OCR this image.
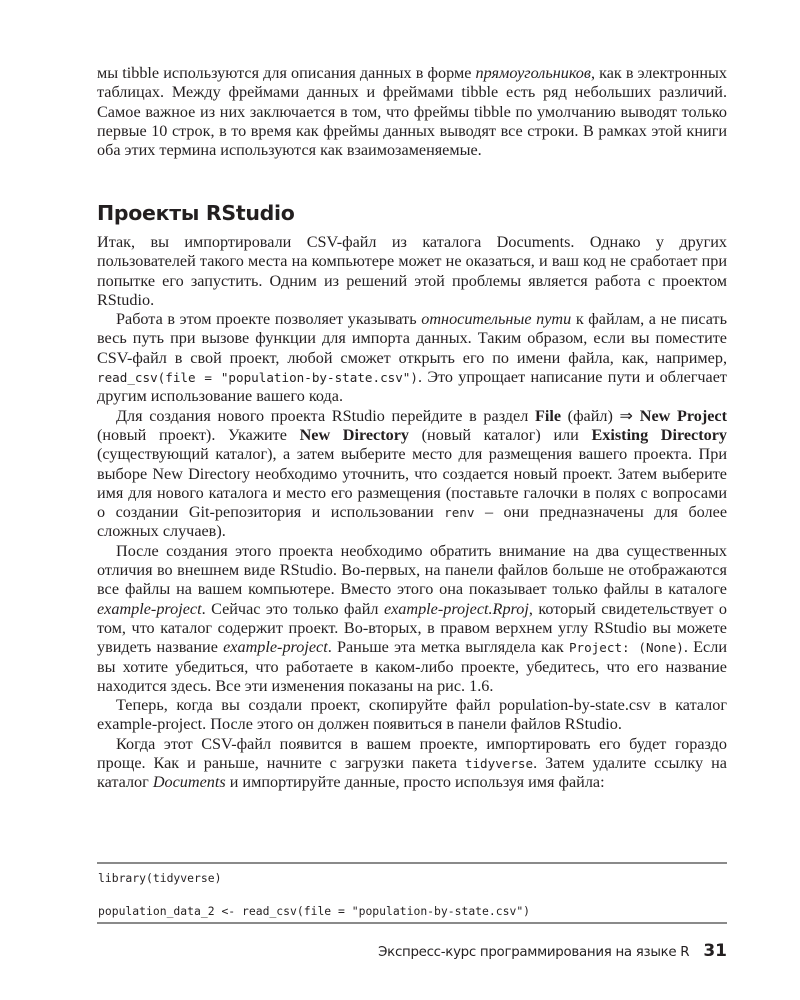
мы tibble используются для описания данных в форме прямоугольников, как в электронных таблицах. Между фреймами данных и фреймами tibble есть ряд небольших различий. Самое важное из них заключается в том, что фреймы tibble по умолчанию выводят только первые 10 строк, в то время как фреймы данных выводят все строки. В рамках этой книги оба этих термина используются как взаимозаменяемые.

Проекты RStudio

Итак, вы импортировали CSV-файл из каталога Documents. Однако у других пользователей такого места на компьютере может не оказаться, и ваш код не сработает при попытке его запустить. Одним из решений этой проблемы является работа с проектом RStudio.

Работа в этом проекте позволяет указывать относительные пути к файлам, а не писать весь путь при вызове функции для импорта данных. Таким образом, если вы поместите CSV-файл в свой проект, любой сможет открыть его по имени файла, как, например, read_csv(file = "population-by-state.csv"). Это упрощает написание пути и облегчает другим использование вашего кода.

Для создания нового проекта RStudio перейдите в раздел File (файл) ⇒ New Project (новый проект). Укажите New Directory (новый каталог) или Existing Directory (существующий каталог), а затем выберите место для размещения вашего проекта. При выборе New Directory необходимо уточнить, что создается новый проект. Затем выберите имя для нового каталога и место его размещения (поставьте галочки в полях с вопросами о создании Git-репозитория и использовании renv – они предназначены для более сложных случаев).

После создания этого проекта необходимо обратить внимание на два существенных отличия во внешнем виде RStudio. Во-первых, на панели файлов больше не отображаются все файлы на вашем компьютере. Вместо этого она показывает только файлы в каталоге example-project. Сейчас это только файл example-project.Rproj, который свидетельствует о том, что каталог содержит проект. Во-вторых, в правом верхнем углу RStudio вы можете увидеть название example-project. Раньше эта метка выглядела как Project: (None). Если вы хотите убедиться, что работаете в каком-либо проекте, убедитесь, что его название находится здесь. Все эти изменения показаны на рис. 1.6.

Теперь, когда вы создали проект, скопируйте файл population-by-state.csv в каталог example-project. После этого он должен появиться в панели файлов RStudio.

Когда этот CSV-файл появится в вашем проекте, импортировать его будет гораздо проще. Как и раньше, начните с загрузки пакета tidyverse. Затем удалите ссылку на каталог Documents и импортируйте данные, просто используя имя файла:

library(tidyverse)
population_data_2 <- read_csv(file = "population-by-state.csv")
Экспресс-курс программирования на языке R 31
